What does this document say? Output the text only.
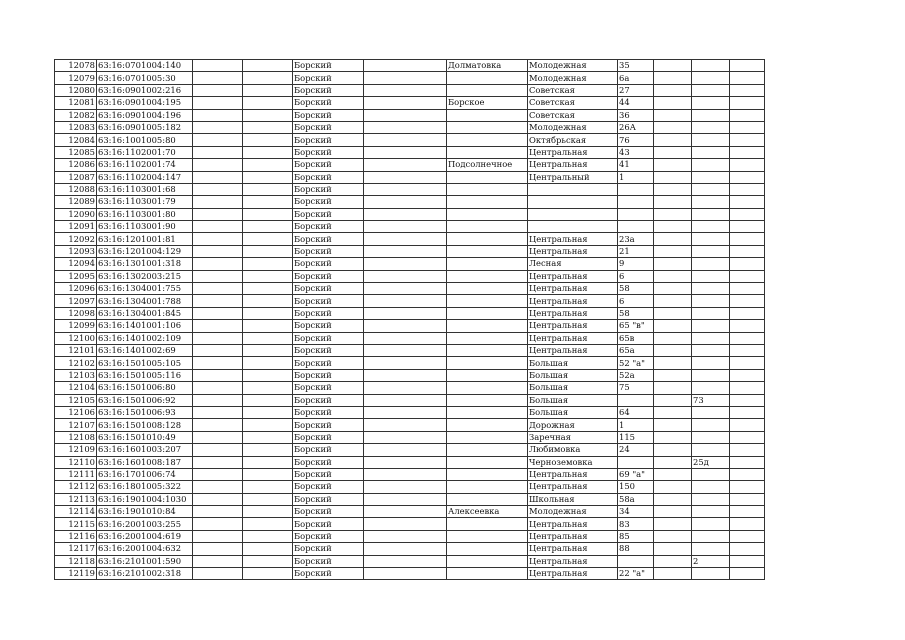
12078	63:16:0701004:140			Борский		Долматовка	Молодежная	35			
12079	63:16:0701005:30			Борский			Молодежная	6а			
12080	63:16:0901002:216			Борский			Советская	27			
12081	63:16:0901004:195			Борский		Борское	Советская	44			
12082	63:16:0901004:196			Борский			Советская	36			
12083	63:16:0901005:182			Борский			Молодежная	26А			
12084	63:16:1001005:80			Борский			Октябрьская	76			
12085	63:16:1102001:70			Борский			Центральная	43			
12086	63:16:1102001:74			Борский		Подсолнечное	Центральная	41			
12087	63:16:1102004:147			Борский			Центральный	1			
12088	63:16:1103001:68			Борский							
12089	63:16:1103001:79			Борский							
12090	63:16:1103001:80			Борский							
12091	63:16:1103001:90			Борский							
12092	63:16:1201001:81			Борский			Центральная	23а			
12093	63:16:1201004:129			Борский			Центральная	21			
12094	63:16:1301001:318			Борский			Лесная	9			
12095	63:16:1302003:215			Борский			Центральная	6			
12096	63:16:1304001:755			Борский			Центральная	58			
12097	63:16:1304001:788			Борский			Центральная	6			
12098	63:16:1304001:845			Борский			Центральная	58			
12099	63:16:1401001:106			Борский			Центральная	65 "в"			
12100	63:16:1401002:109			Борский			Центральная	65в			
12101	63:16:1401002:69			Борский			Центральная	65а			
12102	63:16:1501005:105			Борский			Большая	52 "а"			
12103	63:16:1501005:116			Борский			Большая	52а			
12104	63:16:1501006:80			Борский			Большая	75			
12105	63:16:1501006:92			Борский			Большая			73	
12106	63:16:1501006:93			Борский			Большая	64			
12107	63:16:1501008:128			Борский			Дорожная	1			
12108	63:16:1501010:49			Борский			Заречная	115			
12109	63:16:1601003:207			Борский			Любимовка	24			
12110	63:16:1601008:187			Борский			Черноземовка			25д	
12111	63:16:1701006:74			Борский			Центральная	69 "а"			
12112	63:16:1801005:322			Борский			Центральная	150			
12113	63:16:1901004:1030			Борский			Школьная	58а			
12114	63:16:1901010:84			Борский		Алексеевка	Молодежная	34			
12115	63:16:2001003:255			Борский			Центральная	83			
12116	63:16:2001004:619			Борский			Центральная	85			
12117	63:16:2001004:632			Борский			Центральная	88			
12118	63:16:2101001:590			Борский			Центральная			2	
12119	63:16:2101002:318			Борский			Центральная	22 "а"			
